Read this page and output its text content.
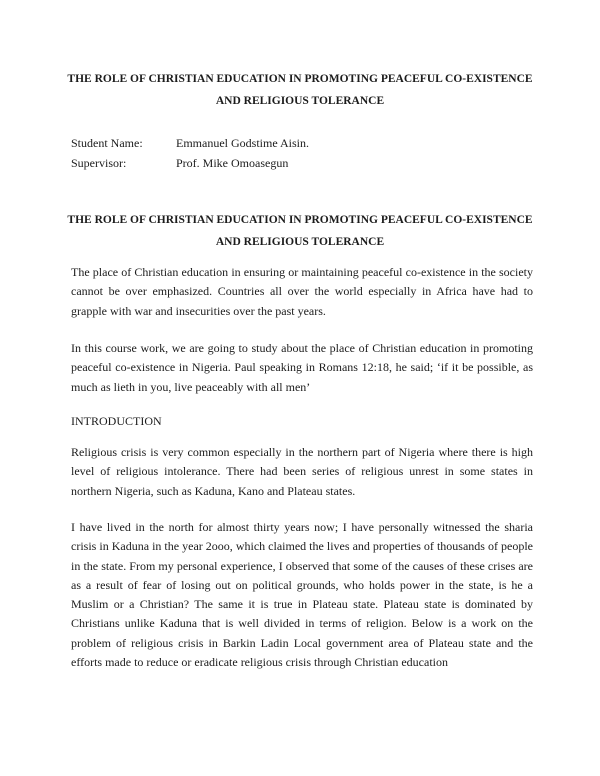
THE ROLE OF CHRISTIAN EDUCATION IN PROMOTING PEACEFUL CO-EXISTENCE AND RELIGIOUS TOLERANCE
Student Name:	Emmanuel Godstime Aisin.
Supervisor:	Prof. Mike Omoasegun
THE ROLE OF CHRISTIAN EDUCATION IN PROMOTING PEACEFUL CO-EXISTENCE AND RELIGIOUS TOLERANCE

The place of Christian education in ensuring or maintaining peaceful co-existence in the society cannot be over emphasized. Countries all over the world especially in Africa have had to grapple with war and insecurities over the past years.

In this course work, we are going to study about the place of Christian education in promoting peaceful co-existence in Nigeria. Paul speaking in Romans 12:18, he said; ‘if it be possible, as much as lieth in you, live peaceably with all men’

INTRODUCTION

Religious crisis is very common especially in the northern part of Nigeria where there is high level of religious intolerance. There had been series of religious unrest in some states in northern Nigeria, such as Kaduna, Kano and Plateau states.

I have lived in the north for almost thirty years now; I have personally witnessed the sharia crisis in Kaduna in the year 2ooo, which claimed the lives and properties of thousands of people in the state. From my personal experience, I observed that some of the causes of these crises are as a result of fear of losing out on political grounds, who holds power in the state, is he a Muslim or a Christian? The same it is true in Plateau state. Plateau state is dominated by Christians unlike Kaduna that is well divided in terms of religion. Below is a work on the problem of religious crisis in Barkin Ladin Local government area of Plateau state and the efforts made to reduce or eradicate religious crisis through Christian education
